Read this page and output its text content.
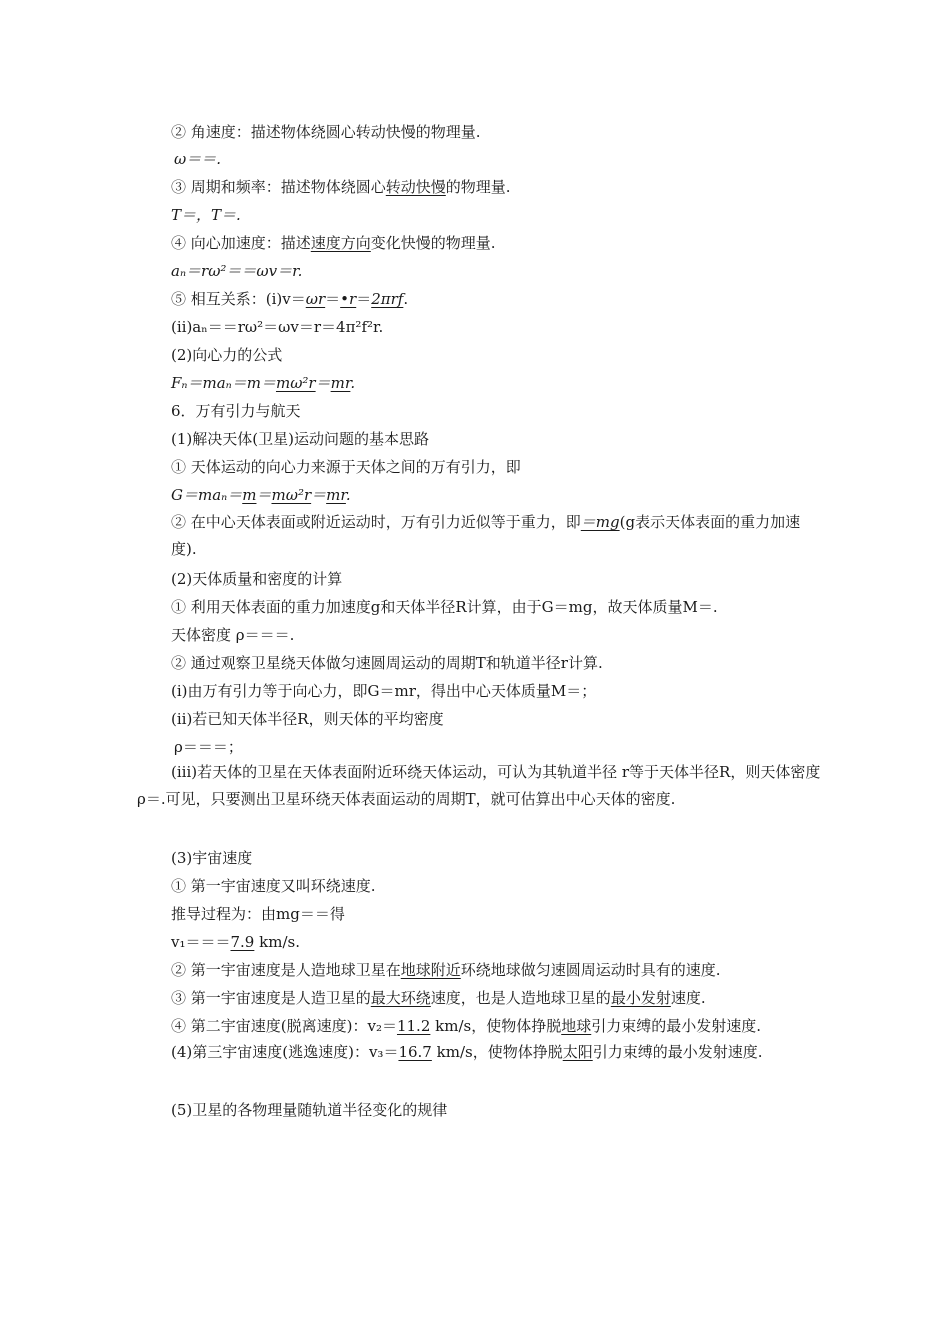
② 角速度：描述物体绕圆心转动快慢的物理量.
ω＝＝.
③ 周期和频率：描述物体绕圆心转动快慢的物理量.
T＝，T＝.
④ 向心加速度：描述速度方向变化快慢的物理量.
aₙ＝rω²＝＝ωv＝r.
⑤ 相互关系：(ⅰ)v＝ωr＝•r＝2πrf.
(ⅱ)aₙ＝＝rω²＝ωv＝r＝4π²f²r.
(2)向心力的公式
Fₙ＝maₙ＝m＝mω²r＝mr.
6．万有引力与航天
(1)解决天体(卫星)运动问题的基本思路
① 天体运动的向心力来源于天体之间的万有引力，即
G＝maₙ＝m＝mω²r＝mr.
② 在中心天体表面或附近运动时，万有引力近似等于重力，即＝mg(g表示天体表面的重力加速度).
(2)天体质量和密度的计算
① 利用天体表面的重力加速度g和天体半径R计算，由于G＝mg，故天体质量M＝.
天体密度 ρ＝＝＝.
② 通过观察卫星绕天体做匀速圆周运动的周期T和轨道半径r计算.
(ⅰ)由万有引力等于向心力，即G＝mr，得出中心天体质量M＝；
(ⅱ)若已知天体半径R，则天体的平均密度
ρ＝＝＝；
(ⅲ)若天体的卫星在天体表面附近环绕天体运动，可认为其轨道半径 r等于天体半径R，则天体密度 ρ＝.可见，只要测出卫星环绕天体表面运动的周期T，就可估算出中心天体的密度.
(3)宇宙速度
① 第一宇宙速度又叫环绕速度.
推导过程为：由mg＝＝得
v₁＝＝＝7.9 km/s.
② 第一宇宙速度是人造地球卫星在地球附近环绕地球做匀速圆周运动时具有的速度.
③ 第一宇宙速度是人造卫星的最大环绕速度，也是人造地球卫星的最小发射速度.
④ 第二宇宙速度(脱离速度)：v₂＝11.2 km/s，使物体挣脱地球引力束缚的最小发射速度.
(4)第三宇宙速度(逃逸速度)：v₃＝16.7 km/s，使物体挣脱太阳引力束缚的最小发射速度.
(5)卫星的各物理量随轨道半径变化的规律
